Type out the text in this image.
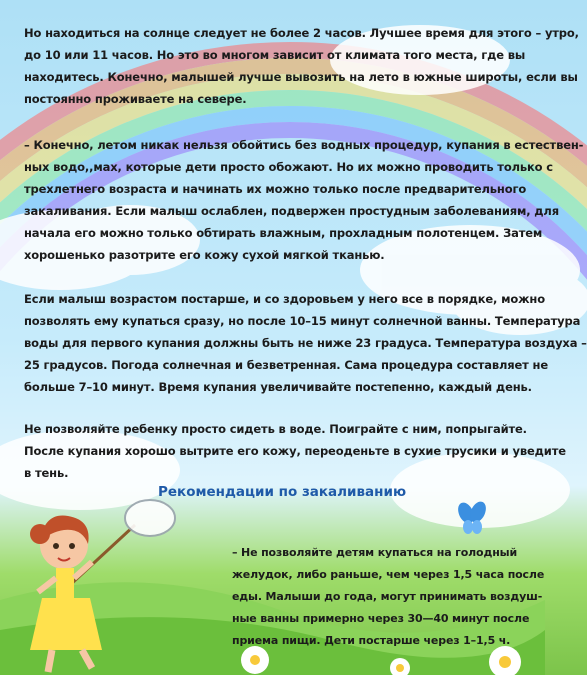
Но находиться на солнце следует не более 2 часов. Лучшее время для этого – утро,
до 10 или 11 часов. Но это во многом зависит от климата того места, где вы
находитесь. Конечно, малышей лучше вывозить на лето в южные широты, если вы
постоянно проживаете на севере.
– Конечно, летом никак нельзя обойтись без водных процедур, купания в естествен-
ных водо,,мах, которые дети просто обожают. Но их можно проводить только с
трехлетнего возраста и начинать их можно только после предварительного
закаливания. Если малыш ослаблен, подвержен простудным заболеваниям, для
начала его можно только обтирать влажным, прохладным полотенцем. Затем
хорошенько разотрите его кожу сухой мягкой тканью.
Если малыш возрастом постарше, и со здоровьем у него все в порядке, можно
позволять ему купаться сразу, но после 10–15 минут солнечной ванны. Температура
воды для первого купания должны быть не ниже 23 градуса. Температура воздуха –
25 градусов. Погода солнечная и безветренная. Сама процедура составляет не
больше 7–10 минут. Время купания увеличивайте постепенно, каждый день.
Не позволяйте ребенку просто сидеть в воде. Поиграйте с ним, попрыгайте.
После купания хорошо вытрите его кожу, переоденьте в сухие трусики и уведите
в тень.
Рекомендации по закаливанию
– Не позволяйте детям купаться на голодный
желудок, либо раньше, чем через 1,5 часа после
еды. Малыши до года, могут принимать воздуш-
ные ванны примерно через 30—40 минут после
приема пищи. Дети постарше через 1–1,5 ч.
